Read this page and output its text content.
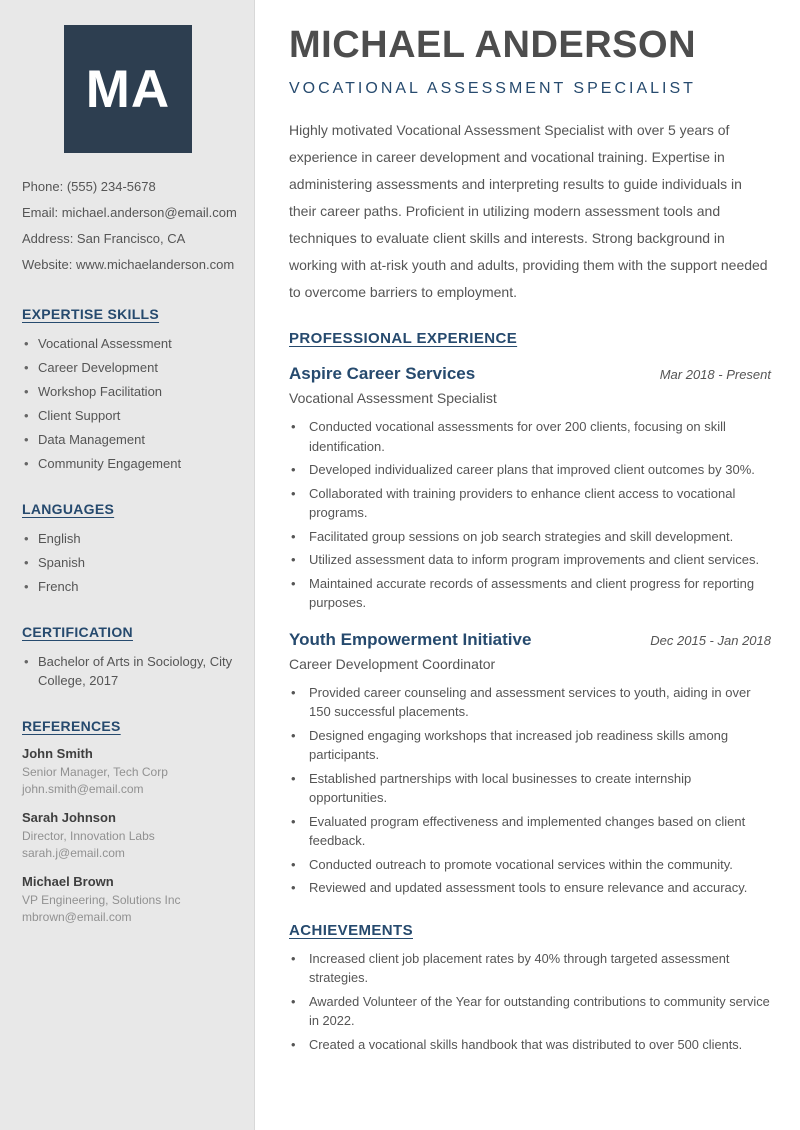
MA
Phone: (555) 234-5678
Email: michael.anderson@email.com
Address: San Francisco, CA
Website: www.michaelanderson.com
EXPERTISE SKILLS
• Vocational Assessment
• Career Development
• Workshop Facilitation
• Client Support
• Data Management
• Community Engagement
LANGUAGES
• English
• Spanish
• French
CERTIFICATION
• Bachelor of Arts in Sociology, City College, 2017
REFERENCES
John Smith
Senior Manager, Tech Corp
john.smith@email.com
Sarah Johnson
Director, Innovation Labs
sarah.j@email.com
Michael Brown
VP Engineering, Solutions Inc
mbrown@email.com
MICHAEL ANDERSON
VOCATIONAL ASSESSMENT SPECIALIST

Highly motivated Vocational Assessment Specialist with over 5 years of experience in career development and vocational training. Expertise in administering assessments and interpreting results to guide individuals in their career paths. Proficient in utilizing modern assessment tools and techniques to evaluate client skills and interests. Strong background in working with at-risk youth and adults, providing them with the support needed to overcome barriers to employment.

PROFESSIONAL EXPERIENCE
Aspire Career Services	Mar 2018 - Present
Vocational Assessment Specialist
• Conducted vocational assessments for over 200 clients, focusing on skill identification.
• Developed individualized career plans that improved client outcomes by 30%.
• Collaborated with training providers to enhance client access to vocational programs.
• Facilitated group sessions on job search strategies and skill development.
• Utilized assessment data to inform program improvements and client services.
• Maintained accurate records of assessments and client progress for reporting purposes.
Youth Empowerment Initiative	Dec 2015 - Jan 2018
Career Development Coordinator
• Provided career counseling and assessment services to youth, aiding in over 150 successful placements.
• Designed engaging workshops that increased job readiness skills among participants.
• Established partnerships with local businesses to create internship opportunities.
• Evaluated program effectiveness and implemented changes based on client feedback.
• Conducted outreach to promote vocational services within the community.
• Reviewed and updated assessment tools to ensure relevance and accuracy.
ACHIEVEMENTS
• Increased client job placement rates by 40% through targeted assessment strategies.
• Awarded Volunteer of the Year for outstanding contributions to community service in 2022.
• Created a vocational skills handbook that was distributed to over 500 clients.
